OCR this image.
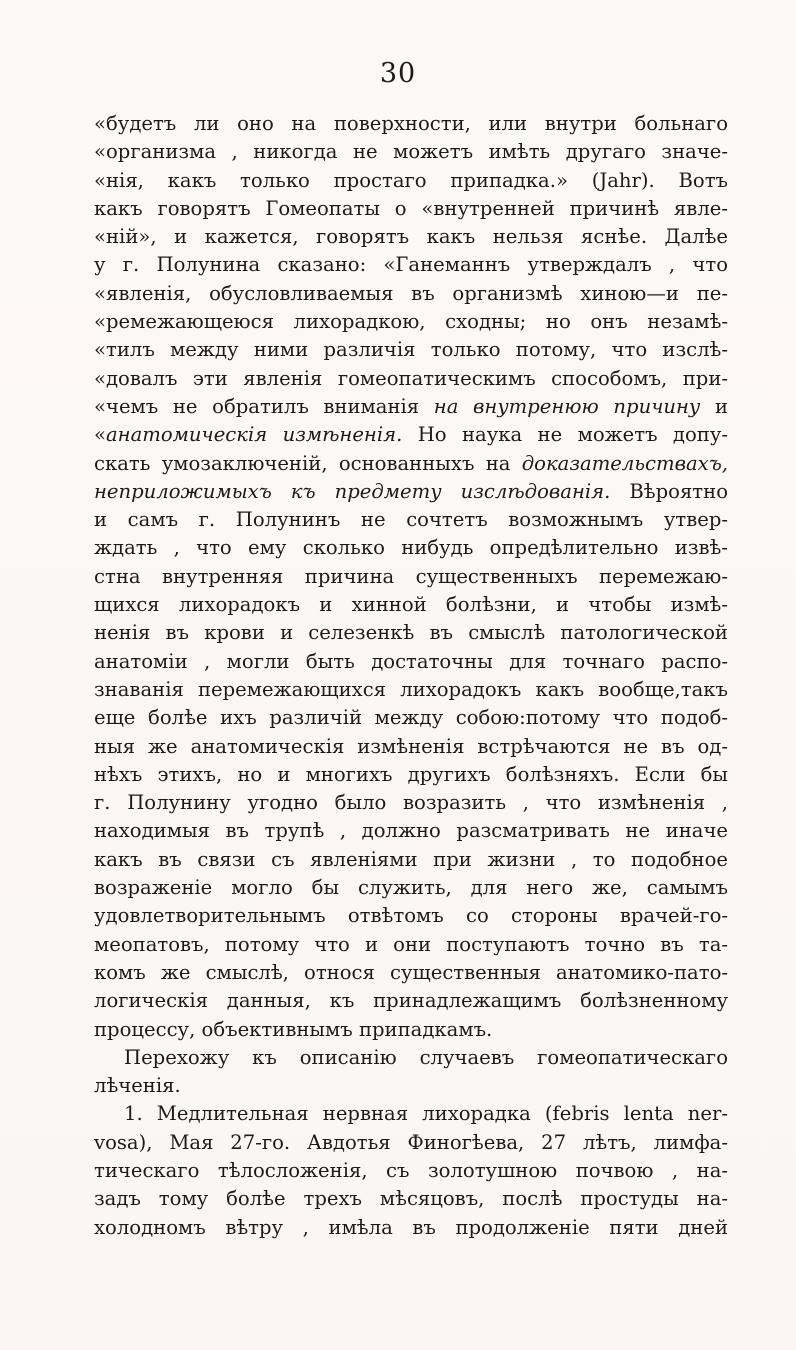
30
«будетъ ли оно на поверхности, или внутри больнаго
«организма , никогда не можетъ имѣть другаго значе-
«нія, какъ только простаго припадка.» (Jahr). Вотъ
какъ говорятъ Гомеопаты о «внутренней причинѣ явле-
«ній», и кажется, говорятъ какъ нельзя яснѣе. Далѣе
у г. Полунина сказано: «Ганеманнъ утверждалъ , что
«явленія, обусловливаемыя въ организмѣ хиною—и пе-
«ремежающеюся лихорадкою, сходны; но онъ незамѣ-
«тилъ между ними различія только потому, что изслѣ-
«довалъ эти явленія гомеопатическимъ способомъ, при-
«чемъ не обратилъ вниманія на внутренюю причину и
«анатомическія измѣненія. Но наука не можетъ допу-
скать умозаключеній, основанныхъ на доказательствахъ,
неприложимыхъ къ предмету изслѣдованія. Вѣроятно
и самъ г. Полунинъ не сочтетъ возможнымъ утвер-
ждать , что ему сколько нибудь опредѣлительно извѣ-
стна внутренняя причина существенныхъ перемежаю-
щихся лихорадокъ и хинной болѣзни, и чтобы измѣ-
ненія въ крови и селезенкѣ въ смыслѣ патологической
анатоміи , могли быть достаточны для точнаго распо-
знаванія перемежающихся лихорадокъ какъ вообще,такъ
еще болѣе ихъ различій между собою:потому что подоб-
ныя же анатомическія измѣненія встрѣчаются не въ од-
нѣхъ этихъ, но и многихъ другихъ болѣзняхъ. Если бы
г. Полунину угодно было возразить , что измѣненія ,
находимыя въ трупѣ , должно разсматривать не иначе
какъ въ связи съ явленіями при жизни , то подобное
возраженіе могло бы служить, для него же, самымъ
удовлетворительнымъ отвѣтомъ со стороны врачей-го-
меопатовъ, потому что и они поступаютъ точно въ та-
комъ же смыслѣ, относя существенныя анатомико-пато-
логическія данныя, къ принадлежащимъ болѣзненному
процессу, объективнымъ припадкамъ.
Перехожу къ описанію случаевъ гомеопатическаго
лѣченія.
1. Медлительная нервная лихорадка (febris lenta ner-
vosa), Мая 27-го. Авдотья Финогѣева, 27 лѣтъ, лимфа-
тическаго тѣлосложенія, съ золотушною почвою , на-
задъ тому болѣе трехъ мѣсяцовъ, послѣ простуды на-
холодномъ вѣтру , имѣла въ продолженіе пяти дней
